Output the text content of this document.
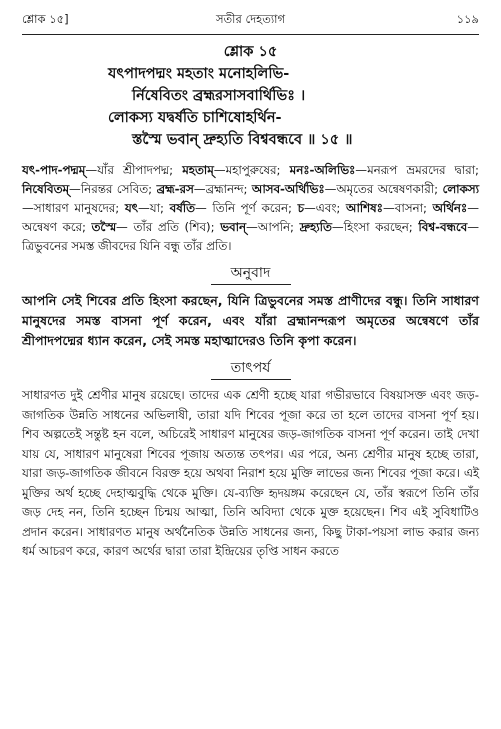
শ্লোক ১৫]	সতীর দেহত্যাগ	১১৯
শ্লোক ১৫
যৎপাদপদ্মং মহতাং মনোহলিভি-
র্নিষেবিতং ব্রহ্মরসাসবার্থিভিঃ ।
লোকস্য যদ্বর্ষতি চাশিষোহর্থিন-
স্তস্মৈ ভবান্ দ্রুহ্যতি বিশ্ববন্ধবে ॥ ১৫ ॥
যৎ-পাদ-পদ্মম্—যাঁর শ্রীপাদপদ্ম; মহতাম্—মহাপুরুষের; মনঃ-অলিভিঃ—মনরূপ ভ্রমরদের দ্বারা; নিষেবিতম্—নিরন্তর সেবিত; ব্রহ্ম-রস—ব্রহ্মানন্দ; আসব-অর্থিভিঃ—অমৃতের অন্বেষণকারী; লোকস্য—সাধারণ মানুষদের; যৎ—যা; বর্ষতি— তিনি পূর্ণ করেন; চ—এবং; আশিষঃ—বাসনা; অর্থিনঃ—অন্বেষণ করে; তস্মৈ— তাঁর প্রতি (শিব); ভবান্—আপনি; দ্রুহ্যতি—হিংসা করছেন; বিশ্ব-বন্ধবে— ত্রিভুবনের সমস্ত জীবদের যিনি বন্ধু তাঁর প্রতি।
অনুবাদ

আপনি সেই শিবের প্রতি হিংসা করছেন, যিনি ত্রিভুবনের সমস্ত প্রাণীদের বন্ধু। তিনি সাধারণ মানুষদের সমস্ত বাসনা পূর্ণ করেন, এবং যাঁরা ব্রহ্মানন্দরূপ অমৃতের অন্বেষণে তাঁর শ্রীপাদপদ্মের ধ্যান করেন, সেই সমস্ত মহাত্মাদেরও তিনি কৃপা করেন।

তাৎপর্য

সাধারণত দুই শ্রেণীর মানুষ রয়েছে। তাদের এক শ্রেণী হচ্ছে যারা গভীরভাবে বিষয়াসক্ত এবং জড়-জাগতিক উন্নতি সাধনের অভিলাষী, তারা যদি শিবের পূজা করে তা হলে তাদের বাসনা পূর্ণ হয়। শিব অল্পতেই সন্তুষ্ট হন বলে, অচিরেই সাধারণ মানুষের জড়-জাগতিক বাসনা পূর্ণ করেন। তাই দেখা যায় যে, সাধারণ মানুষেরা শিবের পূজায় অত্যন্ত তৎপর। এর পরে, অন্য শ্রেণীর মানুষ হচ্ছে তারা, যারা জড়-জাগতিক জীবনে বিরক্ত হয়ে অথবা নিরাশ হয়ে মুক্তি লাভের জন্য শিবের পূজা করে। এই মুক্তির অর্থ হচ্ছে দেহাত্মবুদ্ধি থেকে মুক্তি। যে-ব্যক্তি হৃদয়ঙ্গম করেছেন যে, তাঁর স্বরূপে তিনি তাঁর জড় দেহ নন, তিনি হচ্ছেন চিন্ময় আত্মা, তিনি অবিদ্যা থেকে মুক্ত হয়েছেন। শিব এই সুবিধাটিও প্রদান করেন। সাধারণত মানুষ অর্থনৈতিক উন্নতি সাধনের জন্য, কিছু টাকা-পয়সা লাভ করার জন্য ধর্ম আচরণ করে, কারণ অর্থের দ্বারা তারা ইন্দ্রিয়ের তৃপ্তি সাধন করতে
